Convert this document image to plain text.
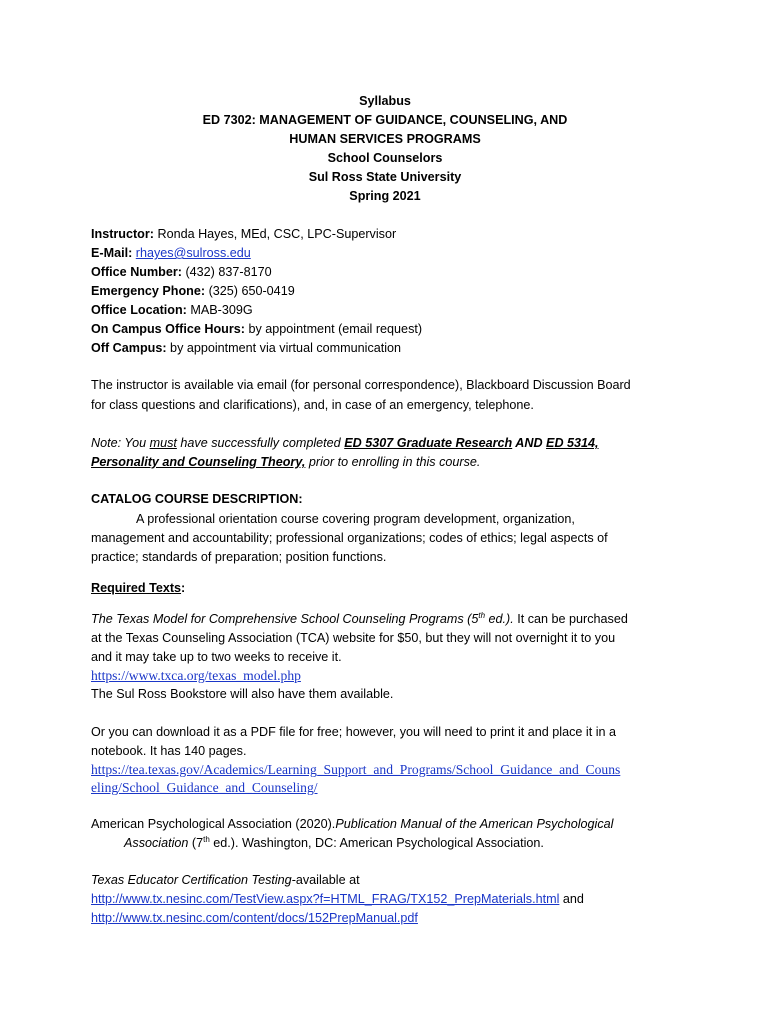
Syllabus
ED 7302: MANAGEMENT OF GUIDANCE, COUNSELING, AND
HUMAN SERVICES PROGRAMS
School Counselors
Sul Ross State University
Spring 2021
Instructor: Ronda Hayes, MEd, CSC, LPC-Supervisor
E-Mail: rhayes@sulross.edu
Office Number: (432) 837-8170
Emergency Phone: (325) 650-0419
Office Location: MAB-309G
On Campus Office Hours: by appointment (email request)
Off Campus: by appointment via virtual communication
The instructor is available via email (for personal correspondence), Blackboard Discussion Board
for class questions and clarifications), and, in case of an emergency, telephone.
Note: You must have successfully completed ED 5307 Graduate Research AND ED 5314,
Personality and Counseling Theory, prior to enrolling in this course.
CATALOG COURSE DESCRIPTION:
A professional orientation course covering program development, organization,
management and accountability; professional organizations; codes of ethics; legal aspects of
practice; standards of preparation; position functions.
Required Texts:
The Texas Model for Comprehensive School Counseling Programs (5th ed.). It can be purchased
at the Texas Counseling Association (TCA) website for $50, but they will not overnight it to you
and it may take up to two weeks to receive it.
https://www.txca.org/texas_model.php
The Sul Ross Bookstore will also have them available.
Or you can download it as a PDF file for free; however, you will need to print it and place it in a
notebook. It has 140 pages.
https://tea.texas.gov/Academics/Learning_Support_and_Programs/School_Guidance_and_Couns
eling/School_Guidance_and_Counseling/
American Psychological Association (2020).Publication Manual of the American Psychological
Association (7th ed.). Washington, DC: American Psychological Association.
Texas Educator Certification Testing-available at
http://www.tx.nesinc.com/TestView.aspx?f=HTML_FRAG/TX152_PrepMaterials.html and
http://www.tx.nesinc.com/content/docs/152PrepManual.pdf
